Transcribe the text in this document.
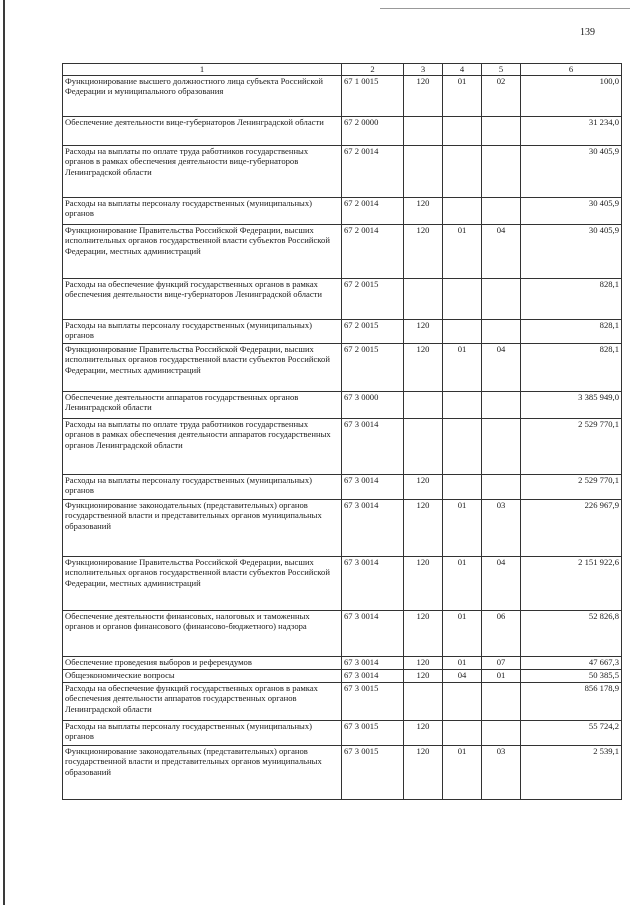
139
1	2	3	4	5	6
Функционирование высшего должностного лица субъекта Российской Федерации и муниципального образования	67 1 0015	120	01	02	100,0
Обеспечение деятельности вице-губернаторов Ленинградской области	67 2 0000				31 234,0
Расходы на выплаты по оплате труда работников государственных органов в рамках обеспечения деятельности вице-губернаторов Ленинградской области	67 2 0014				30 405,9
Расходы на выплаты персоналу государственных (муниципальных) органов	67 2 0014	120			30 405,9
Функционирование Правительства Российской Федерации, высших исполнительных органов государственной власти субъектов Российской Федерации, местных администраций	67 2 0014	120	01	04	30 405,9
Расходы на обеспечение функций государственных органов в рамках обеспечения деятельности вице-губернаторов Ленинградской области	67 2 0015				828,1
Расходы на выплаты персоналу государственных (муниципальных) органов	67 2 0015	120			828,1
Функционирование Правительства Российской Федерации, высших исполнительных органов государственной власти субъектов Российской Федерации, местных администраций	67 2 0015	120	01	04	828,1
Обеспечение деятельности аппаратов государственных органов Ленинградской области	67 3 0000				3 385 949,0
Расходы на выплаты по оплате труда работников государственных органов в рамках обеспечения деятельности аппаратов государственных органов Ленинградской области	67 3 0014				2 529 770,1
Расходы на выплаты персоналу государственных (муниципальных) органов	67 3 0014	120			2 529 770,1
Функционирование законодательных (представительных) органов государственной власти и представительных органов муниципальных образований	67 3 0014	120	01	03	226 967,9
Функционирование Правительства Российской Федерации, высших исполнительных органов государственной власти субъектов Российской Федерации, местных администраций	67 3 0014	120	01	04	2 151 922,6
Обеспечение деятельности финансовых, налоговых и таможенных органов и органов финансового (финансово-бюджетного) надзора	67 3 0014	120	01	06	52 826,8
Обеспечение проведения выборов и референдумов	67 3 0014	120	01	07	47 667,3
Общеэкономические вопросы	67 3 0014	120	04	01	50 385,5
Расходы на обеспечение функций государственных органов в рамках обеспечения деятельности аппаратов государственных органов Ленинградской области	67 3 0015				856 178,9
Расходы на выплаты персоналу государственных (муниципальных) органов	67 3 0015	120			55 724,2
Функционирование законодательных (представительных) органов государственной власти и представительных органов муниципальных образований	67 3 0015	120	01	03	2 539,1
